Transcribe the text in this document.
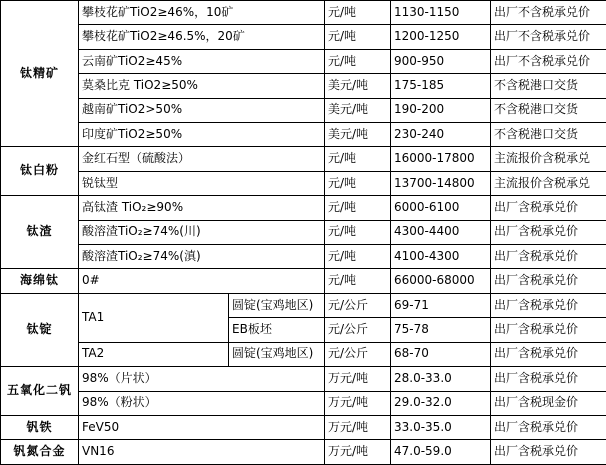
钛精矿	攀枝花矿TiO2≥46%，10矿		元/吨	1130-1150	出厂不含税承兑价
	攀枝花矿TiO2≥46.5%，20矿		元/吨	1200-1250	出厂不含税承兑价
	云南矿TiO2≥45%		元/吨	900-950	出厂不含税承兑价
	莫桑比克 TiO2≥50%		美元/吨	175-185	不含税港口交货
	越南矿TiO2>50%		美元/吨	190-200	不含税港口交货
	印度矿TiO2≥50%		美元/吨	230-240	不含税港口交货
钛白粉	金红石型（硫酸法）		元/吨	16000-17800	主流报价含税承兑
	锐钛型		元/吨	13700-14800	主流报价含税承兑
钛渣	高钛渣 TiO₂≥90%		元/吨	6000-6100	出厂含税承兑价
	酸溶渣TiO₂≥74%(川)		元/吨	4300-4400	出厂含税承兑价
	酸溶渣TiO₂≥74%(滇)		元/吨	4100-4300	出厂含税承兑价
海绵钛	0#		元/吨	66000-68000	出厂含税承兑价
钛锭	TA1	圆锭(宝鸡地区)	元/公斤	69-71	出厂含税承兑价
		EB板坯	元/公斤	75-78	出厂含税承兑价
	TA2	圆锭(宝鸡地区)	元/公斤	68-70	出厂含税承兑价
五氧化二钒	98%（片状）		万元/吨	28.0-33.0	出厂含税承兑价
	98%（粉状）		万元/吨	29.0-32.0	出厂含税现金价
钒铁	FeV50		万元/吨	33.0-35.0	出厂含税承兑价
钒氮合金	VN16		万元/吨	47.0-59.0	出厂含税承兑价
